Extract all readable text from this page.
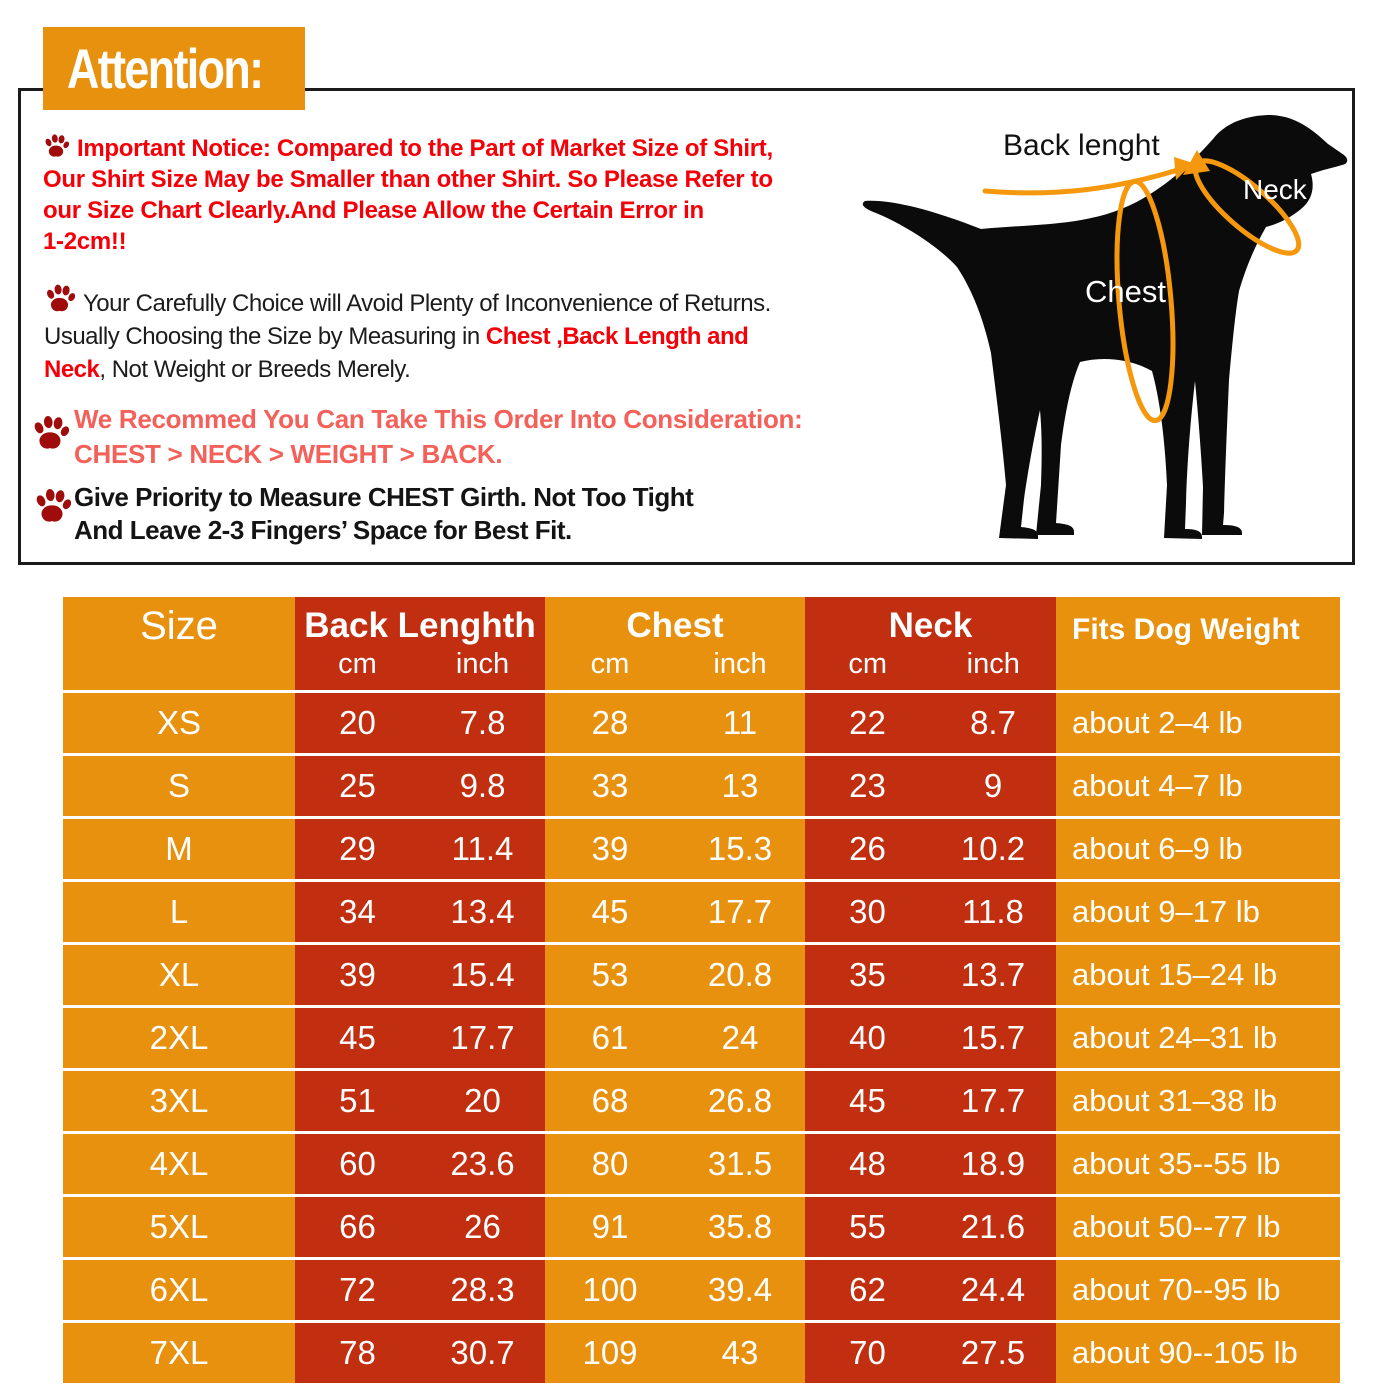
Attention:
Important Notice: Compared to the Part of Market Size of Shirt,
Our Shirt Size May be Smaller than other Shirt. So Please Refer to
our Size Chart Clearly.And Please Allow the Certain Error in
1-2cm!!
Your Carefully Choice will Avoid Plenty of Inconvenience of Returns.
Usually Choosing the Size by Measuring in Chest ,Back Length and
Neck, Not Weight or Breeds Merely.
We Recommed You Can Take This Order Into Consideration:
CHEST > NECK > WEIGHT > BACK.
Give Priority to Measure CHEST Girth. Not Too Tight
And Leave 2-3 Fingers’ Space for Best Fit.
Back lenght
Neck
Chest
Size	Back Lenghth
cm	inch
Chest
cm	inch
Neck
cm	inch
Fits Dog Weight
XS	20	7.8	28	11	22	8.7	about 2–4 lb
S	25	9.8	33	13	23	9	about 4–7 lb
M	29	11.4	39	15.3	26	10.2	about 6–9 lb
L	34	13.4	45	17.7	30	11.8	about 9–17 lb
XL	39	15.4	53	20.8	35	13.7	about 15–24 lb
2XL	45	17.7	61	24	40	15.7	about 24–31 lb
3XL	51	20	68	26.8	45	17.7	about 31–38 lb
4XL	60	23.6	80	31.5	48	18.9	about 35--55 lb
5XL	66	26	91	35.8	55	21.6	about 50--77 lb
6XL	72	28.3	100	39.4	62	24.4	about 70--95 lb
7XL	78	30.7	109	43	70	27.5	about 90--105 lb
